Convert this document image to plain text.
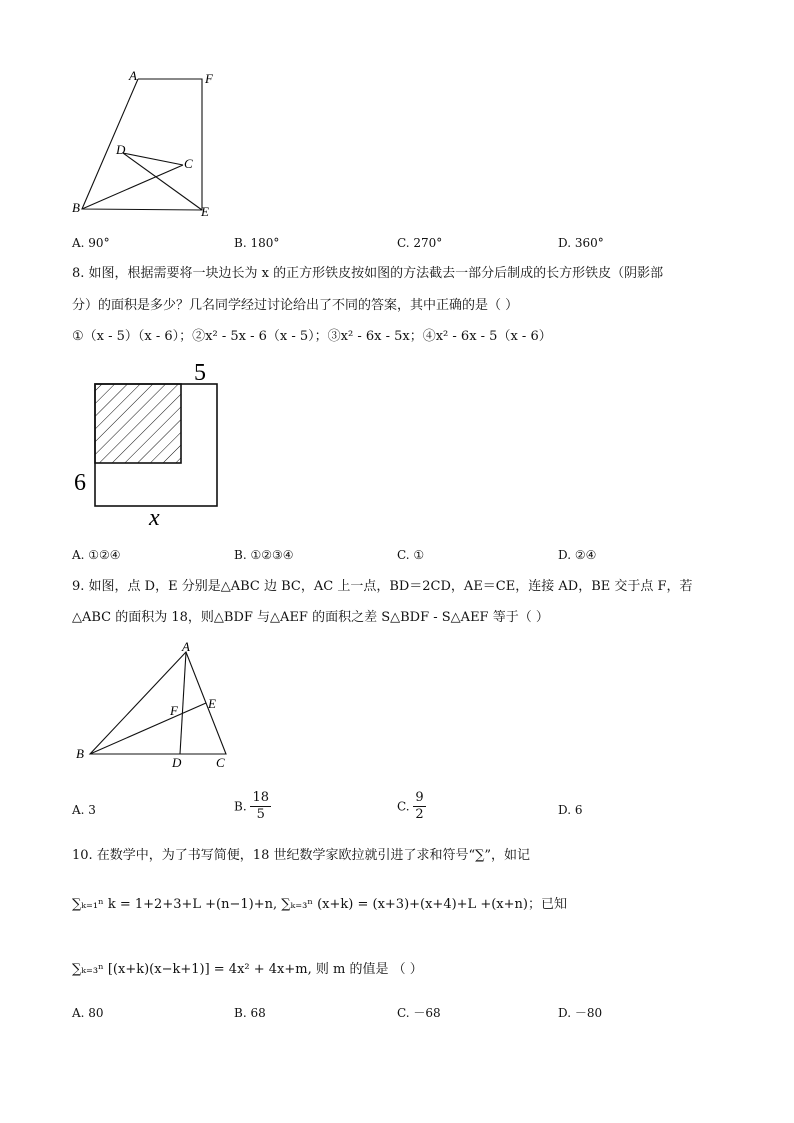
A	F
D
C
B	E
A. 90°	B. 180°	C. 270°	D. 360°
8. 如图，根据需要将一块边长为 x 的正方形铁皮按如图的方法截去一部分后制成的长方形铁皮（阴影部
分）的面积是多少？几名同学经过讨论给出了不同的答案，其中正确的是（ ）
①（x - 5）（x - 6）；②x² - 5x - 6（x - 5）；③x² - 6x - 5x；④x² - 6x - 5（x - 6）
5
6
x
A. ①②④	B. ①②③④	C. ①	D. ②④
9. 如图，点 D，E 分别是△ABC 边 BC，AC 上一点，BD＝2CD，AE＝CE，连接 AD，BE 交于点 F，若
△ABC 的面积为 18，则△BDF 与△AEF 的面积之差 S△BDF - S△AEF 等于（ ）
A
F E
B
D	C
A. 3	B. $\frac{18}{5}$	C. $\frac{9}{2}$	D. 6
10. 在数学中，为了书写简便，18 世纪数学家欧拉就引进了求和符号“∑”，如记
∑ₖ₌₁ⁿ k = 1+2+3+L +(n−1)+n, ∑ₖ₌₃ⁿ (x+k) = (x+3)+(x+4)+L +(x+n)；已知
∑ₖ₌₃ⁿ [(x+k)(x−k+1)] = 4x² + 4x+m, 则 m 的值是 （ ）
A. 80	B. 68	C. －68	D. －80
